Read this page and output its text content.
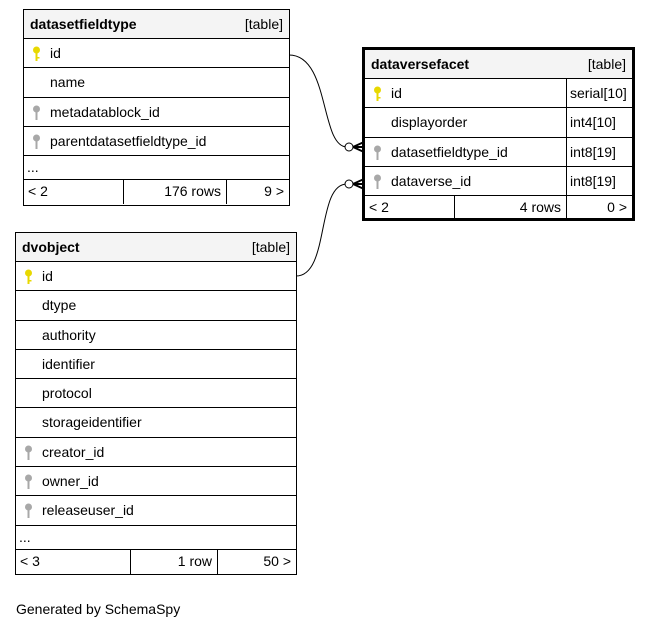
datasetfieldtype	[table]
id
name
metadatablock_id
parentdatasetfieldtype_id
...
< 2	176 rows	9 >
dataversefacet	[table]
id	serial[10]
displayorder	int4[10]
datasetfieldtype_id	int8[19]
dataverse_id	int8[19]
< 2	4 rows	0 >
dvobject	[table]
id
dtype
authority
identifier
protocol
storageidentifier
creator_id
owner_id
releaseuser_id
...
< 3	1 row	50 >
Generated by SchemaSpy
